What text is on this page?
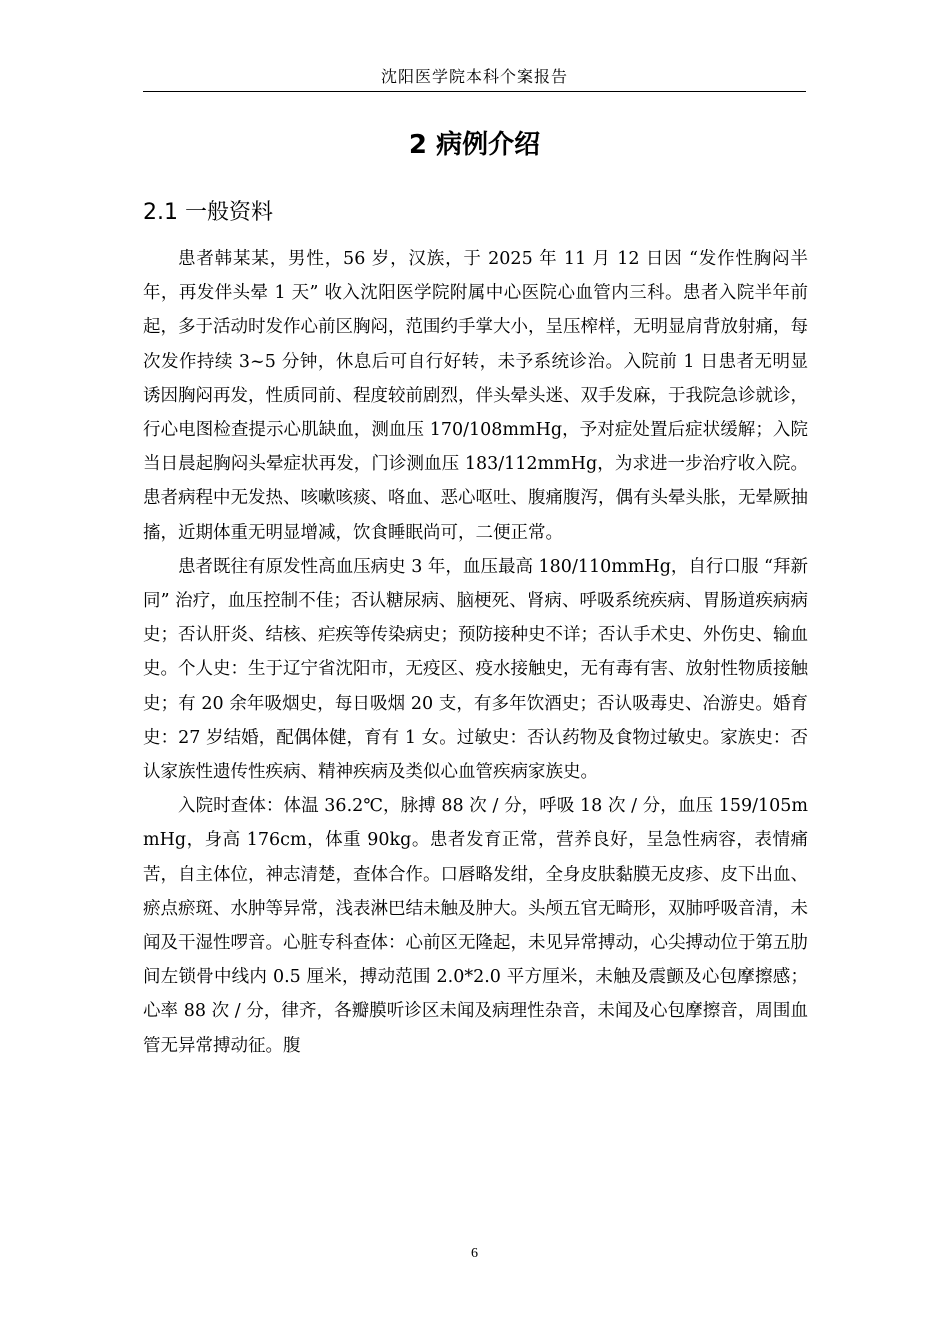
沈阳医学院本科个案报告
2 病例介绍
2.1 一般资料

患者韩某某，男性，56 岁，汉族，于 2025 年 11 月 12 日因 “发作性胸闷半年，再发伴头晕 1 天” 收入沈阳医学院附属中心医院心血管内三科。患者入院半年前起，多于活动时发作心前区胸闷，范围约手掌大小，呈压榨样，无明显肩背放射痛，每次发作持续 3~5 分钟，休息后可自行好转，未予系统诊治。入院前 1 日患者无明显诱因胸闷再发，性质同前、程度较前剧烈，伴头晕头迷、双手发麻，于我院急诊就诊，行心电图检查提示心肌缺血，测血压 170/108mmHg，予对症处置后症状缓解；入院当日晨起胸闷头晕症状再发，门诊测血压 183/112mmHg，为求进一步治疗收入院。患者病程中无发热、咳嗽咳痰、咯血、恶心呕吐、腹痛腹泻，偶有头晕头胀，无晕厥抽搐，近期体重无明显增减，饮食睡眠尚可，二便正常。

患者既往有原发性高血压病史 3 年，血压最高 180/110mmHg，自行口服 “拜新同” 治疗，血压控制不佳；否认糖尿病、脑梗死、肾病、呼吸系统疾病、胃肠道疾病病史；否认肝炎、结核、疟疾等传染病史；预防接种史不详；否认手术史、外伤史、输血史。个人史：生于辽宁省沈阳市，无疫区、疫水接触史，无有毒有害、放射性物质接触史；有 20 余年吸烟史，每日吸烟 20 支，有多年饮酒史；否认吸毒史、冶游史。婚育史：27 岁结婚，配偶体健，育有 1 女。过敏史：否认药物及食物过敏史。家族史：否认家族性遗传性疾病、精神疾病及类似心血管疾病家族史。

入院时查体：体温 36.2℃，脉搏 88 次 / 分，呼吸 18 次 / 分，血压 159/105mmHg，身高 176cm，体重 90kg。患者发育正常，营养良好，呈急性病容，表情痛苦，自主体位，神志清楚，查体合作。口唇略发绀，全身皮肤黏膜无皮疹、皮下出血、瘀点瘀斑、水肿等异常，浅表淋巴结未触及肿大。头颅五官无畸形，双肺呼吸音清，未闻及干湿性啰音。心脏专科查体：心前区无隆起，未见异常搏动，心尖搏动位于第五肋间左锁骨中线内 0.5 厘米，搏动范围 2.0*2.0 平方厘米，未触及震颤及心包摩擦感；心率 88 次 / 分，律齐，各瓣膜听诊区未闻及病理性杂音，未闻及心包摩擦音，周围血管无异常搏动征。腹

6
